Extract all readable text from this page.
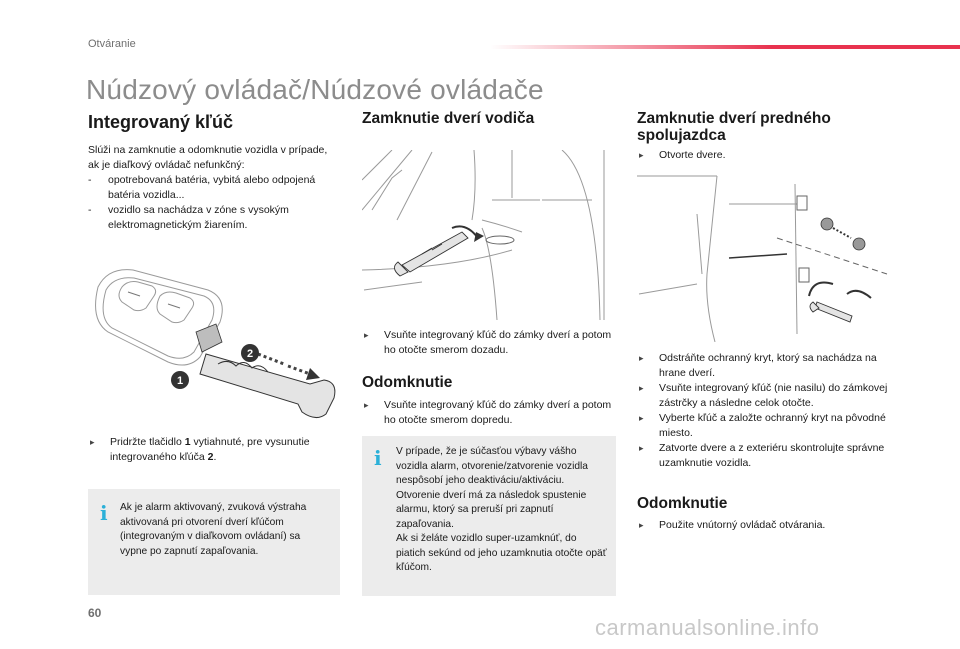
Otváranie
Núdzový ovládač/Núdzové ovládače
Integrovaný kľúč

Slúži na zamknutie a odomknutie vozidla v prípade, ak je diaľkový ovládač nefunkčný:

- opotrebovaná batéria, vybitá alebo odpojená batéria vozidla...
- vozidlo sa nachádza v zóne s vysokým elektromagnetickým žiarením.
2
1
▸ Pridržte tlačidlo 1 vytiahnuté, pre vysunutie integrovaného kľúča 2.
i Ak je alarm aktivovaný, zvuková výstraha aktivovaná pri otvorení dverí kľúčom (integrovaným v diaľkovom ovládaní) sa vypne po zapnutí zapaľovania.

Zamknutie dverí vodiča
▸ Vsuňte integrovaný kľúč do zámky dverí a potom ho otočte smerom dozadu.
Odomknutie
▸ Vsuňte integrovaný kľúč do zámky dverí a potom ho otočte smerom dopredu.
i V prípade, že je súčasťou výbavy vášho vozidla alarm, otvorenie/zatvorenie vozidla nespôsobí jeho deaktiváciu/aktiváciu.

Otvorenie dverí má za následok spustenie alarmu, ktorý sa preruší pri zapnutí zapaľovania.

Ak si želáte vozidlo super-uzamknúť, do piatich sekúnd od jeho uzamknutia otočte opäť kľúčom.

Zamknutie dverí predného spolujazdca
▸ Otvorte dvere.
▸ Odstráňte ochranný kryt, ktorý sa nachádza na hrane dverí.
▸ Vsuňte integrovaný kľúč (nie nasilu) do zámkovej zástrčky a následne celok otočte.
▸ Vyberte kľúč a založte ochranný kryt na pôvodné miesto.
▸ Zatvorte dvere a z exteriéru skontrolujte správne uzamknutie vozidla.
Odomknutie
▸ Použite vnútorný ovládač otvárania.
60
carmanualsonline.info
